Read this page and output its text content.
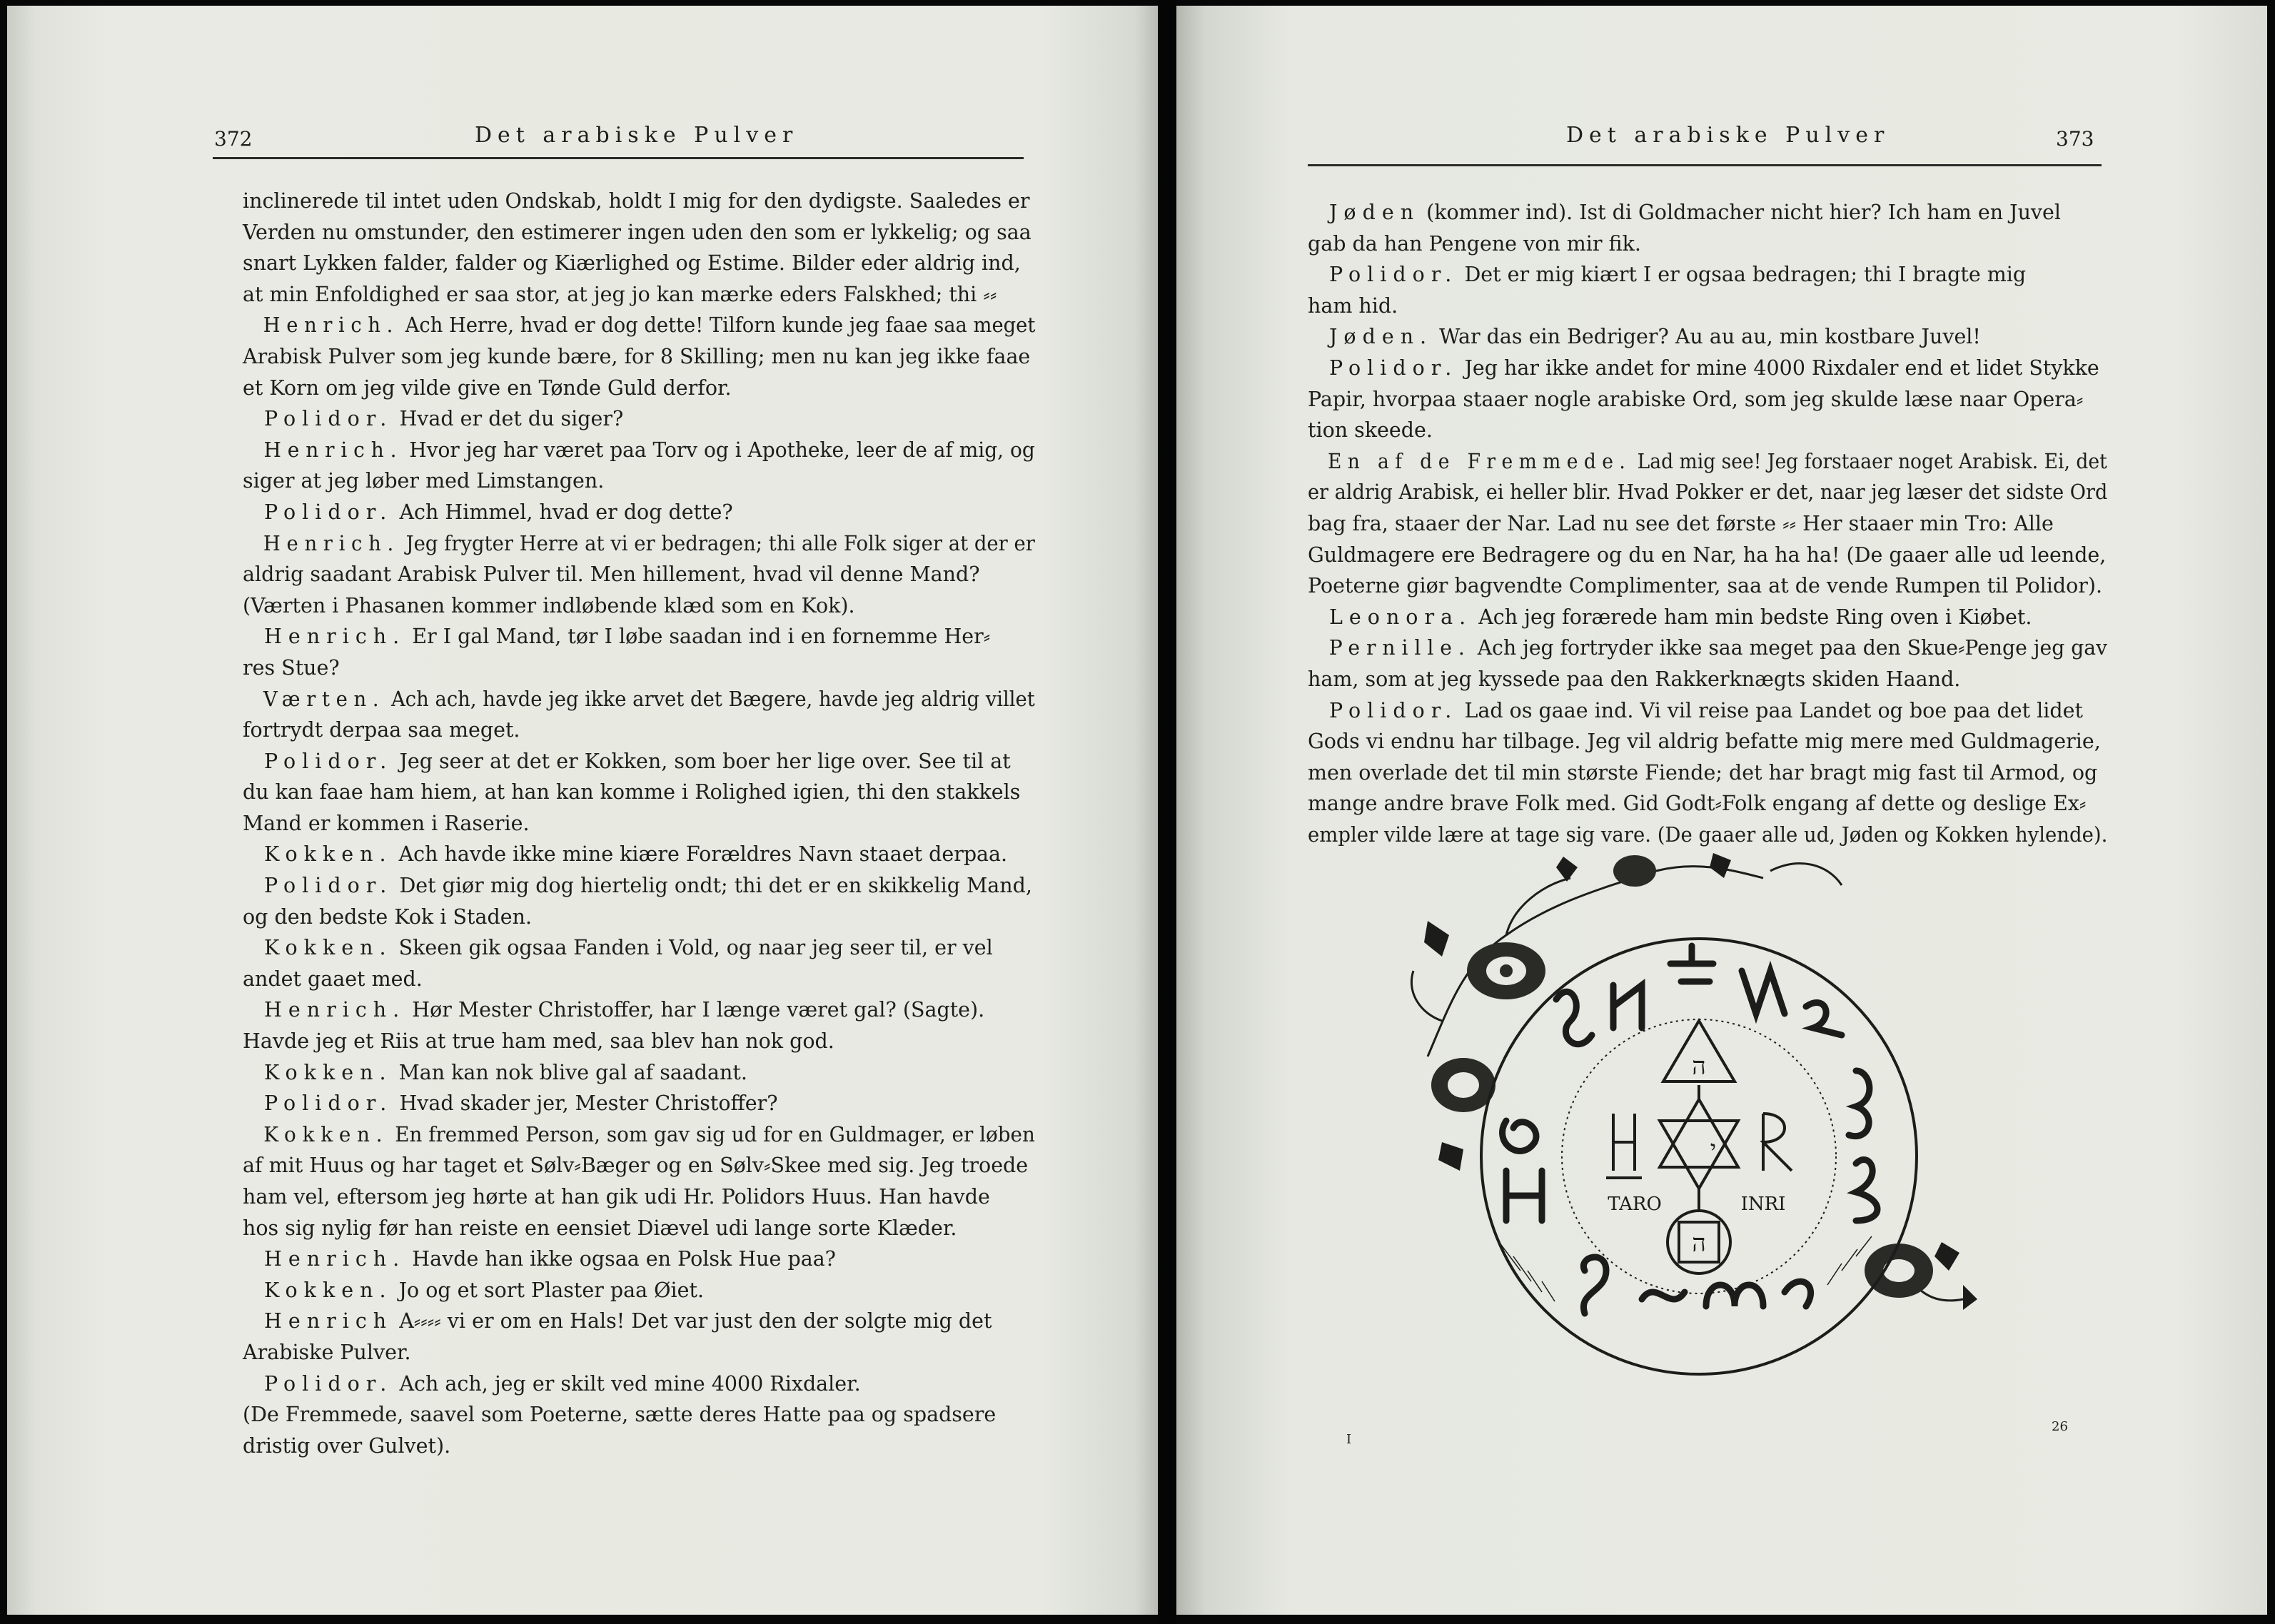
372	Det arabiske Pulver
inclinerede til intet uden Ondskab, holdt I mig for den dydigste. Saaledes er
Verden nu omstunder, den estimerer ingen uden den som er lykkelig; og saa
snart Lykken falder, falder og Kiærlighed og Estime. Bilder eder aldrig ind,
at min Enfoldighed er saa stor, at jeg jo kan mærke eders Falskhed; thi ⸗⸗
Henrich. Ach Herre, hvad er dog dette! Tilforn kunde jeg faae saa meget
Arabisk Pulver som jeg kunde bære, for 8 Skilling; men nu kan jeg ikke faae
et Korn om jeg vilde give en Tønde Guld derfor.
Polidor. Hvad er det du siger?
Henrich. Hvor jeg har været paa Torv og i Apotheke, leer de af mig, og
siger at jeg løber med Limstangen.
Polidor. Ach Himmel, hvad er dog dette?
Henrich. Jeg frygter Herre at vi er bedragen; thi alle Folk siger at der er
aldrig saadant Arabisk Pulver til. Men hillement, hvad vil denne Mand?
(Værten i Phasanen kommer indløbende klæd som en Kok).
Henrich. Er I gal Mand, tør I løbe saadan ind i en fornemme Her⸗
res Stue?
Værten. Ach ach, havde jeg ikke arvet det Bægere, havde jeg aldrig villet
fortrydt derpaa saa meget.
Polidor. Jeg seer at det er Kokken, som boer her lige over. See til at
du kan faae ham hiem, at han kan komme i Rolighed igien, thi den stakkels
Mand er kommen i Raserie.
Kokken. Ach havde ikke mine kiære Forældres Navn staaet derpaa.
Polidor. Det giør mig dog hiertelig ondt; thi det er en skikkelig Mand,
og den bedste Kok i Staden.
Kokken. Skeen gik ogsaa Fanden i Vold, og naar jeg seer til, er vel
andet gaaet med.
Henrich. Hør Mester Christoffer, har I længe været gal? (Sagte).
Havde jeg et Riis at true ham med, saa blev han nok god.
Kokken. Man kan nok blive gal af saadant.
Polidor. Hvad skader jer, Mester Christoffer?
Kokken. En fremmed Person, som gav sig ud for en Guldmager, er løben
af mit Huus og har taget et Sølv⸗Bæger og en Sølv⸗Skee med sig. Jeg troede
ham vel, eftersom jeg hørte at han gik udi Hr. Polidors Huus. Han havde
hos sig nylig før han reiste en eensiet Diævel udi lange sorte Klæder.
Henrich. Havde han ikke ogsaa en Polsk Hue paa?
Kokken. Jo og et sort Plaster paa Øiet.
Henrich A⸗⸗⸗⸗ vi er om en Hals! Det var just den der solgte mig det
Arabiske Pulver.
Polidor. Ach ach, jeg er skilt ved mine 4000 Rixdaler.
(De Fremmede, saavel som Poeterne, sætte deres Hatte paa og spadsere
dristig over Gulvet).
Det arabiske Pulver	373
Jøden (kommer ind). Ist di Goldmacher nicht hier? Ich ham en Juvel
gab da han Pengene von mir fik.
Polidor. Det er mig kiært I er ogsaa bedragen; thi I bragte mig
ham hid.
Jøden. War das ein Bedriger? Au au au, min kostbare Juvel!
Polidor. Jeg har ikke andet for mine 4000 Rixdaler end et lidet Stykke
Papir, hvorpaa staaer nogle arabiske Ord, som jeg skulde læse naar Opera⸗
tion skeede.
En af de Fremmede. Lad mig see! Jeg forstaaer noget Arabisk. Ei, det
er aldrig Arabisk, ei heller blir. Hvad Pokker er det, naar jeg læser det sidste Ord
bag fra, staaer der Nar. Lad nu see det første ⸗⸗ Her staaer min Tro: Alle
Guldmagere ere Bedragere og du en Nar, ha ha ha! (De gaaer alle ud leende,
Poeterne giør bagvendte Complimenter, saa at de vende Rumpen til Polidor).
Leonora. Ach jeg forærede ham min bedste Ring oven i Kiøbet.
Pernille. Ach jeg fortryder ikke saa meget paa den Skue⸗Penge jeg gav
ham, som at jeg kyssede paa den Rakkerknægts skiden Haand.
Polidor. Lad os gaae ind. Vi vil reise paa Landet og boe paa det lidet
Gods vi endnu har tilbage. Jeg vil aldrig befatte mig mere med Guldmagerie,
men overlade det til min største Fiende; det har bragt mig fast til Armod, og
mange andre brave Folk med. Gid Godt⸗Folk engang af dette og deslige Ex⸗
empler vilde lære at tage sig vare. (De gaaer alle ud, Jøden og Kokken hylende).
I
26
ה
י
ה
TARO	INRI
